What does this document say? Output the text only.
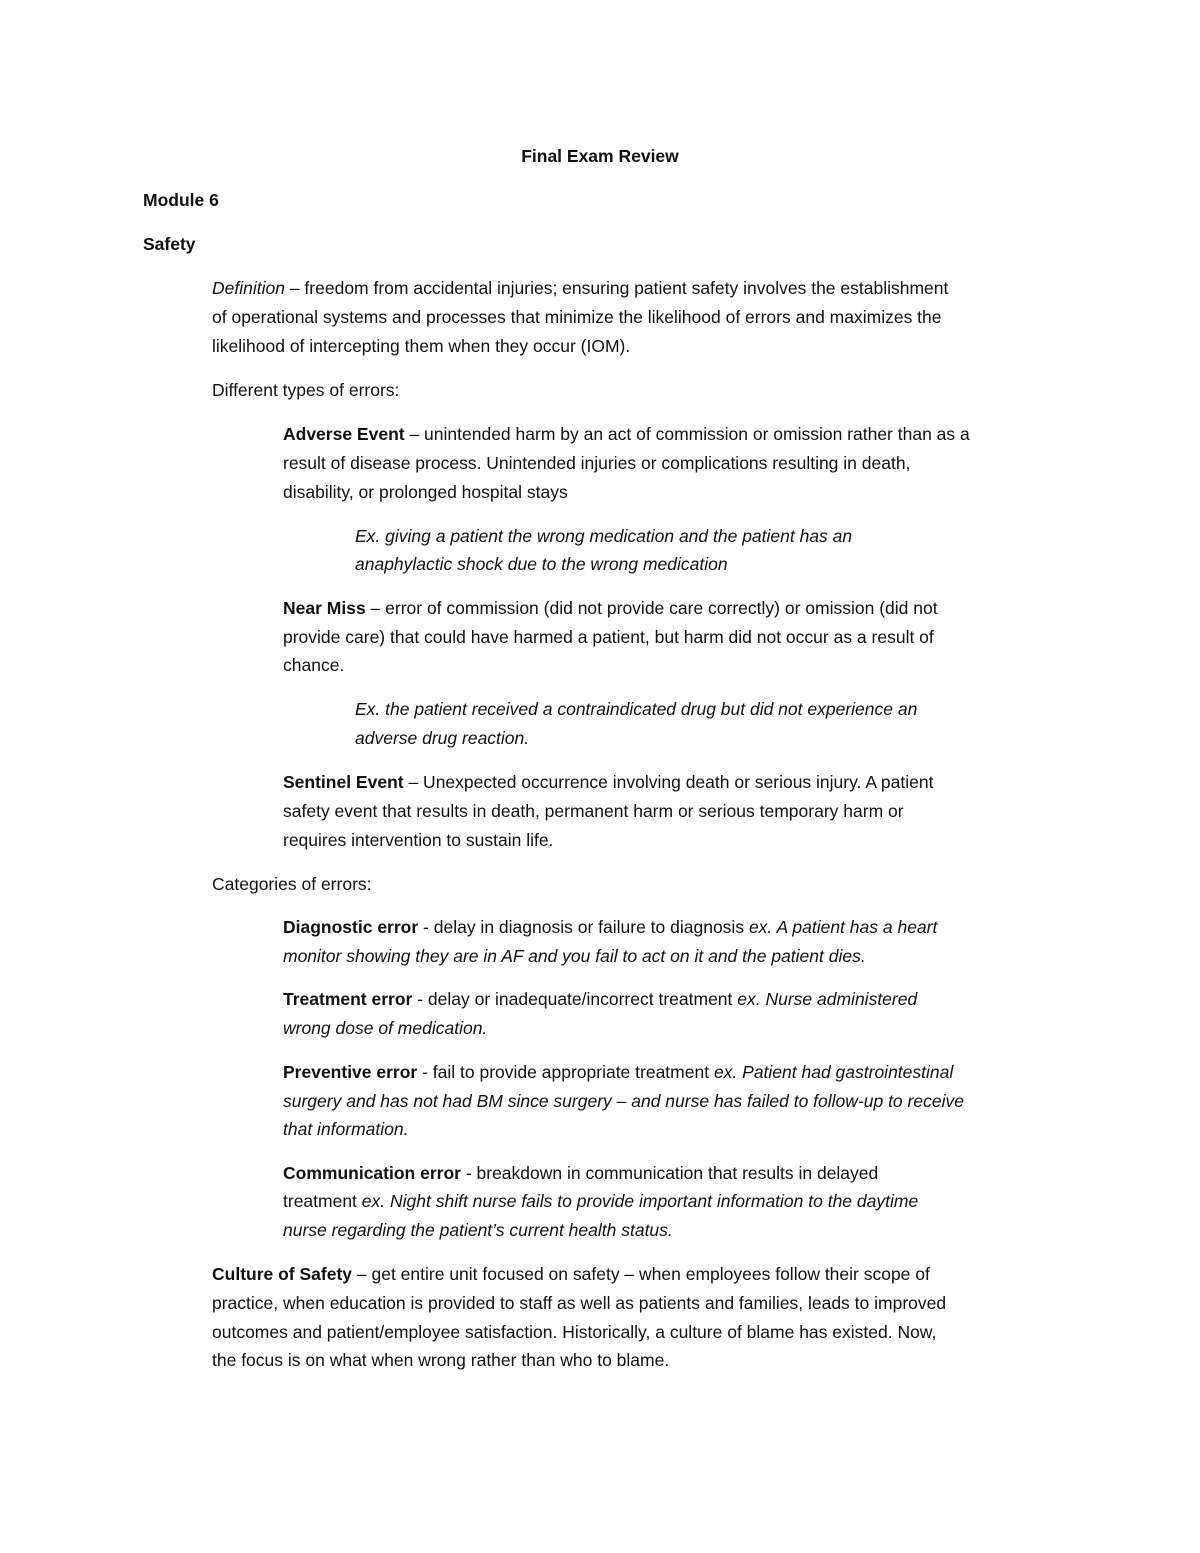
Final Exam Review
Module 6
Safety
Definition – freedom from accidental injuries; ensuring patient safety involves the establishment
of operational systems and processes that minimize the likelihood of errors and maximizes the
likelihood of intercepting them when they occur (IOM).
Different types of errors:
Adverse Event – unintended harm by an act of commission or omission rather than as a
result of disease process. Unintended injuries or complications resulting in death,
disability, or prolonged hospital stays
Ex. giving a patient the wrong medication and the patient has an
anaphylactic shock due to the wrong medication
Near Miss – error of commission (did not provide care correctly) or omission (did not
provide care) that could have harmed a patient, but harm did not occur as a result of
chance.
Ex. the patient received a contraindicated drug but did not experience an
adverse drug reaction.
Sentinel Event – Unexpected occurrence involving death or serious injury. A patient
safety event that results in death, permanent harm or serious temporary harm or
requires intervention to sustain life.
Categories of errors:
Diagnostic error - delay in diagnosis or failure to diagnosis ex. A patient has a heart
monitor showing they are in AF and you fail to act on it and the patient dies.
Treatment error - delay or inadequate/incorrect treatment ex. Nurse administered
wrong dose of medication.
Preventive error - fail to provide appropriate treatment ex. Patient had gastrointestinal
surgery and has not had BM since surgery – and nurse has failed to follow-up to receive
that information.
Communication error - breakdown in communication that results in delayed
treatment ex. Night shift nurse fails to provide important information to the daytime
nurse regarding the patient’s current health status.
Culture of Safety – get entire unit focused on safety – when employees follow their scope of
practice, when education is provided to staff as well as patients and families, leads to improved
outcomes and patient/employee satisfaction. Historically, a culture of blame has existed. Now,
the focus is on what when wrong rather than who to blame.
